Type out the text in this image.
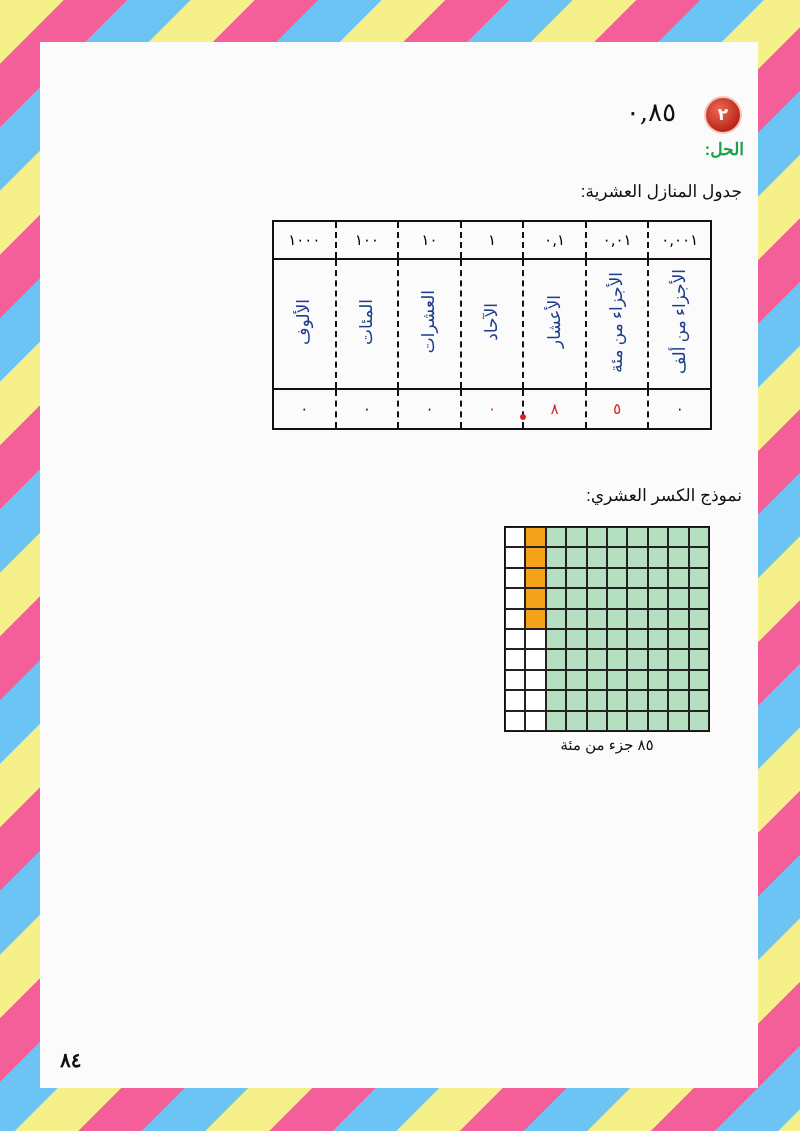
٢
٠,٨٥
الحل:
جدول المنازل العشرية:
٠,٠٠١	٠,٠١	٠,١	١	١٠	١٠٠	١٠٠٠
الأجزاء من ألف	الأجزاء من مئة	الأعشار	الآحاد	العشرات	المئات	الألوف
٠	٥	٨	٠	٠	٠	٠
نموذج الكسر العشري:
٨٥ جزء من مئة
٨٤
